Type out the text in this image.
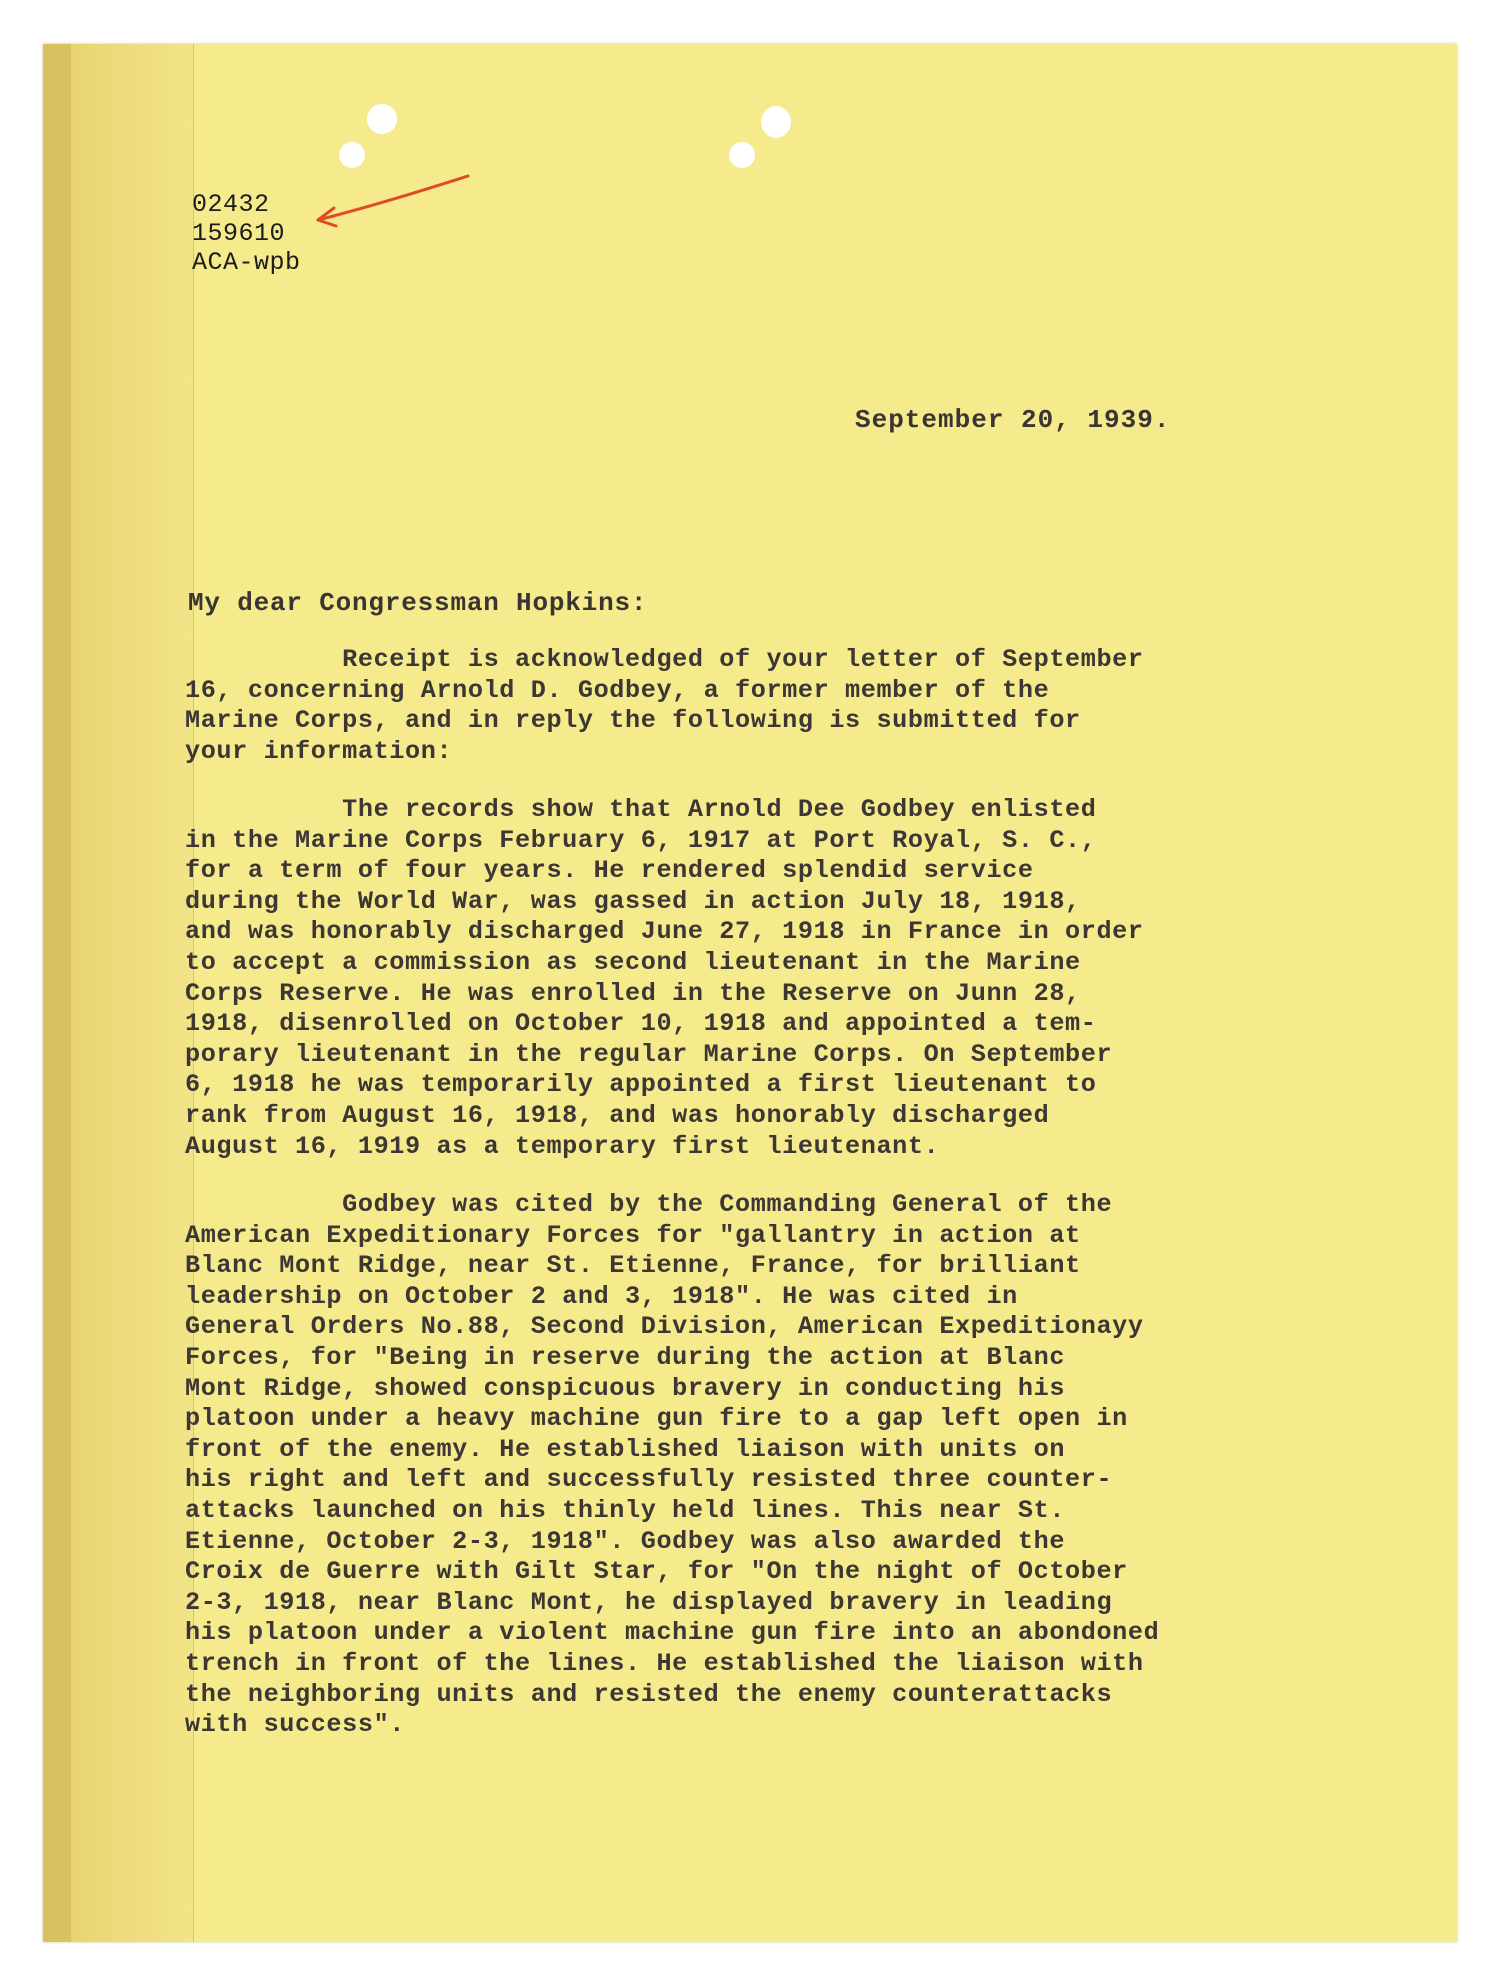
02432
159610
ACA-wpb
September 20, 1939.
My dear Congressman Hopkins:
Receipt is acknowledged of your letter of September
16, concerning Arnold D. Godbey, a former member of the
Marine Corps, and in reply the following is submitted for
your information:
The records show that Arnold Dee Godbey enlisted
in the Marine Corps February 6, 1917 at Port Royal, S. C.,
for a term of four years. He rendered splendid service
during the World War, was gassed in action July 18, 1918,
and was honorably discharged June 27, 1918 in France in order
to accept a commission as second lieutenant in the Marine
Corps Reserve. He was enrolled in the Reserve on Junn 28,
1918, disenrolled on October 10, 1918 and appointed a tem-
porary lieutenant in the regular Marine Corps. On September
6, 1918 he was temporarily appointed a first lieutenant to
rank from August 16, 1918, and was honorably discharged
August 16, 1919 as a temporary first lieutenant.
Godbey was cited by the Commanding General of the
American Expeditionary Forces for "gallantry in action at
Blanc Mont Ridge, near St. Etienne, France, for brilliant
leadership on October 2 and 3, 1918". He was cited in
General Orders No.88, Second Division, American Expeditionayy
Forces, for "Being in reserve during the action at Blanc
Mont Ridge, showed conspicuous bravery in conducting his
platoon under a heavy machine gun fire to a gap left open in
front of the enemy. He established liaison with units on
his right and left and successfully resisted three counter-
attacks launched on his thinly held lines. This near St.
Etienne, October 2-3, 1918". Godbey was also awarded the
Croix de Guerre with Gilt Star, for "On the night of October
2-3, 1918, near Blanc Mont, he displayed bravery in leading
his platoon under a violent machine gun fire into an abondoned
trench in front of the lines. He established the liaison with
the neighboring units and resisted the enemy counterattacks
with success".
